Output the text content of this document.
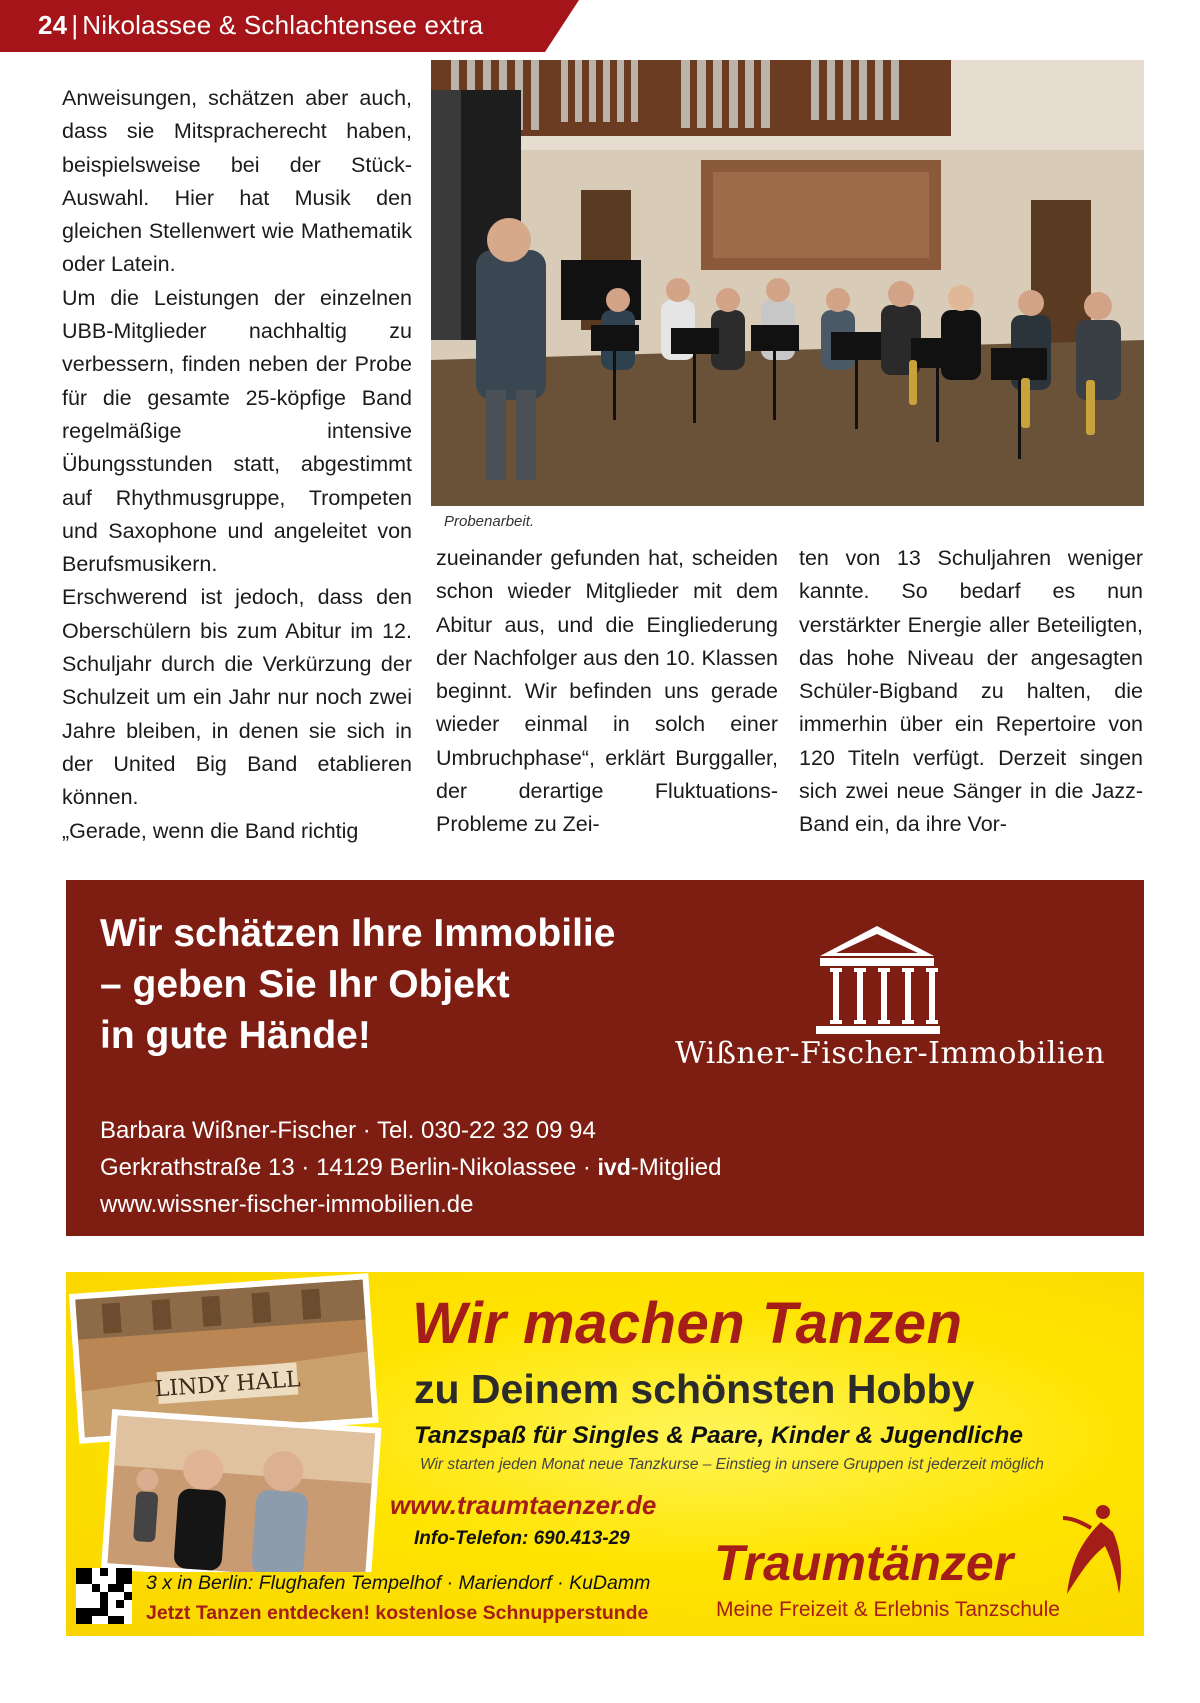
24 | Nikolassee & Schlachtensee extra

Anweisungen, schätzen aber auch, dass sie Mitspracherecht haben, beispielsweise bei der Stück-Auswahl. Hier hat Musik den gleichen Stellenwert wie Mathematik oder Latein.

Um die Leistungen der einzelnen UBB-Mitglieder nachhaltig zu verbessern, finden neben der Probe für die gesamte 25-köpfige Band regelmäßige intensive Übungsstunden statt, abgestimmt auf Rhythmusgruppe, Trompeten und Saxophone und angeleitet von Berufsmusikern.

Erschwerend ist jedoch, dass den Oberschülern bis zum Abitur im 12. Schuljahr durch die Verkürzung der Schulzeit um ein Jahr nur noch zwei Jahre bleiben, in denen sie sich in der United Big Band etablieren können.

„Gerade, wenn die Band richtig

Probenarbeit.

zueinander gefunden hat, scheiden schon wieder Mitglieder mit dem Abitur aus, und die Eingliederung der Nachfolger aus den 10. Klassen beginnt. Wir befinden uns gerade wieder einmal in solch einer Umbruchphase“, erklärt Burggaller, der derartige Fluktuations-Probleme zu Zei-

ten von 13 Schuljahren weniger kannte. So bedarf es nun verstärkter Energie aller Beteiligten, das hohe Niveau der angesagten Schüler-Bigband zu halten, die immerhin über ein Repertoire von 120 Titeln verfügt. Derzeit singen sich zwei neue Sänger in die Jazz-Band ein, da ihre Vor-

Wir schätzen Ihre Immobilie
– geben Sie Ihr Objekt
in gute Hände!	Wißner-Fischer-Immobilien
Barbara Wißner-Fischer · Tel. 030-22 32 09 94
Gerkrathstraße 13 · 14129 Berlin-Nikolassee · ivd-Mitglied
www.wissner-fischer-immobilien.de
LINDY HALL
Wir machen Tanzen
zu Deinem schönsten Hobby
Tanzspaß für Singles & Paare, Kinder & Jugendliche
Wir starten jeden Monat neue Tanzkurse – Einstieg in unsere Gruppen ist jederzeit möglich
www.traumtaenzer.de
Info-Telefon: 690.413-29
3 x in Berlin: Flughafen Tempelhof · Mariendorf · KuDamm
Jetzt Tanzen entdecken! kostenlose Schnupperstunde
Traumtänzer
Meine Freizeit & Erlebnis Tanzschule
